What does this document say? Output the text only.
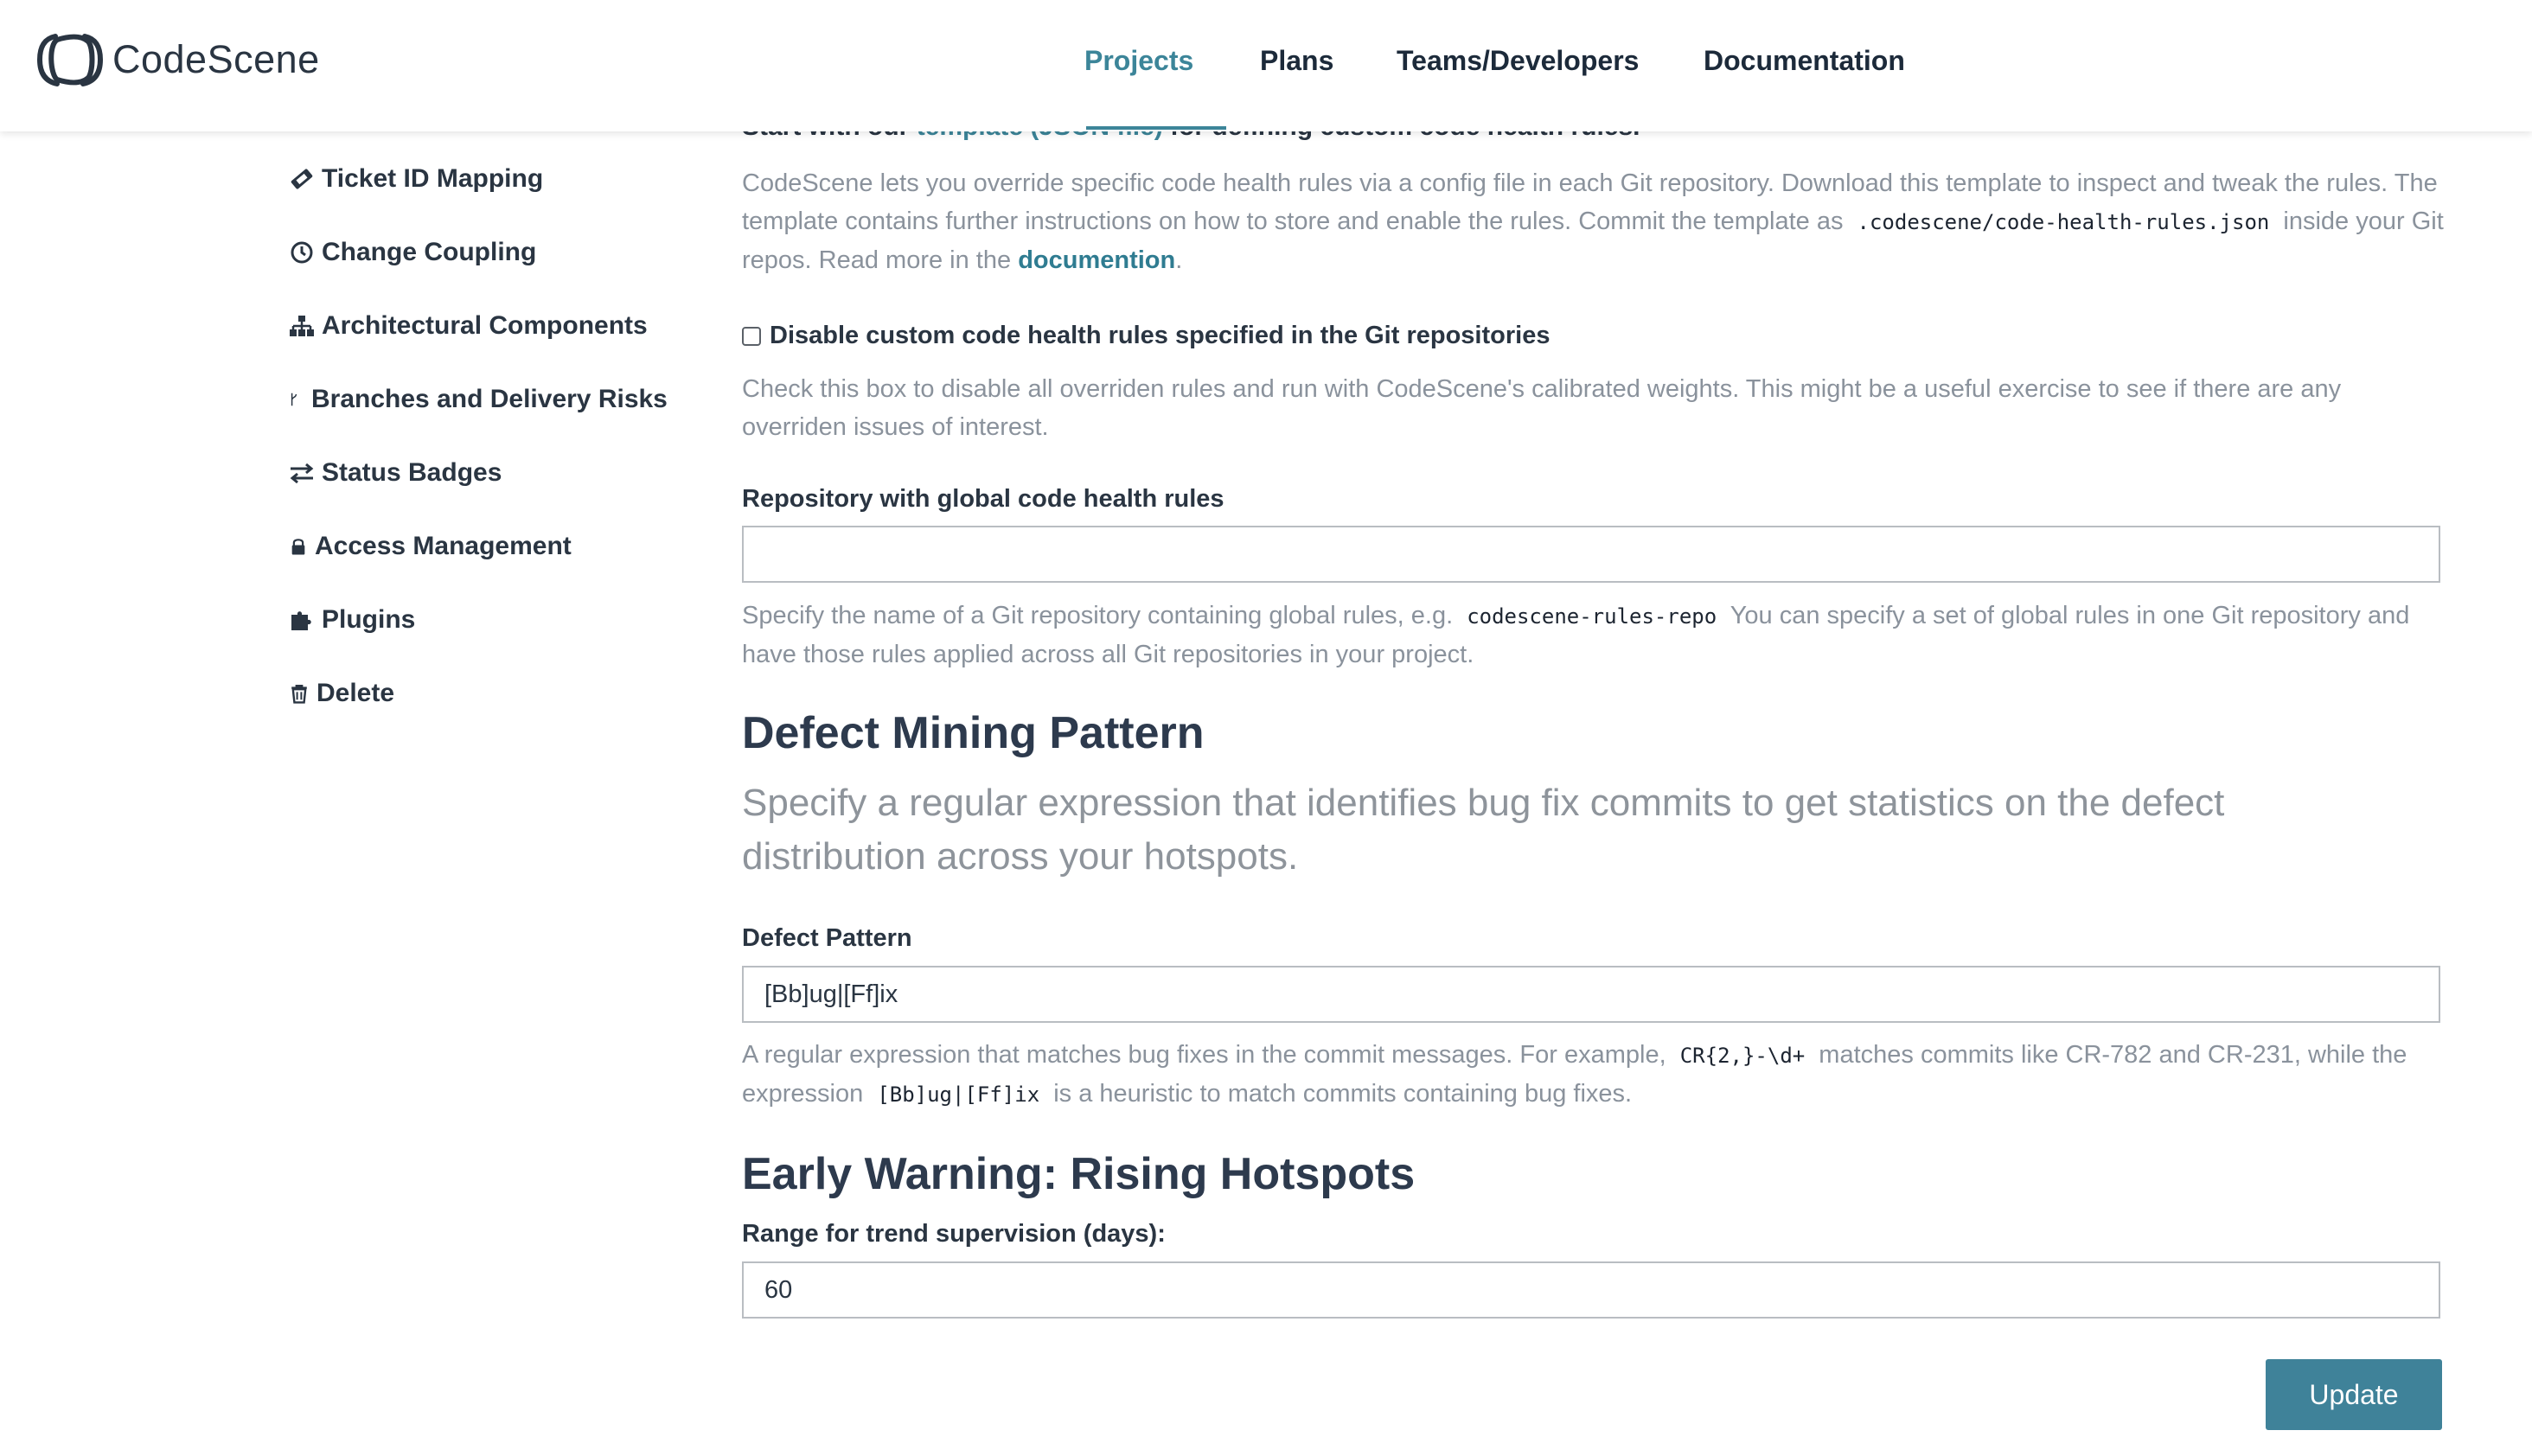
CodeScene	Projects Plans Teams/Developers Documentation
Ticket ID Mapping
Change Coupling
Architectural Components
Branches and Delivery Risks
Status Badges
Access Management
Plugins
Delete
CodeScene lets you override specific code health rules via a config file in each Git repository. Download this template to inspect and tweak the rules. The template contains further instructions on how to store and enable the rules. Commit the template as .codescene/code-health-rules.json inside your Git repos. Read more in the documention.
Disable custom code health rules specified in the Git repositories
Check this box to disable all overriden rules and run with CodeScene's calibrated weights. This might be a useful exercise to see if there are any overriden issues of interest.
Repository with global code health rules
Specify the name of a Git repository containing global rules, e.g. codescene-rules-repo You can specify a set of global rules in one Git repository and have those rules applied across all Git repositories in your project.
Defect Mining Pattern
Specify a regular expression that identifies bug fix commits to get statistics on the defect distribution across your hotspots.
Defect Pattern
[Bb]ug|[Ff]ix
A regular expression that matches bug fixes in the commit messages. For example, CR{2,}-\d+ matches commits like CR-782 and CR-231, while the expression [Bb]ug|[Ff]ix is a heuristic to match commits containing bug fixes.
Early Warning: Rising Hotspots
Range for trend supervision (days):
60
Update
